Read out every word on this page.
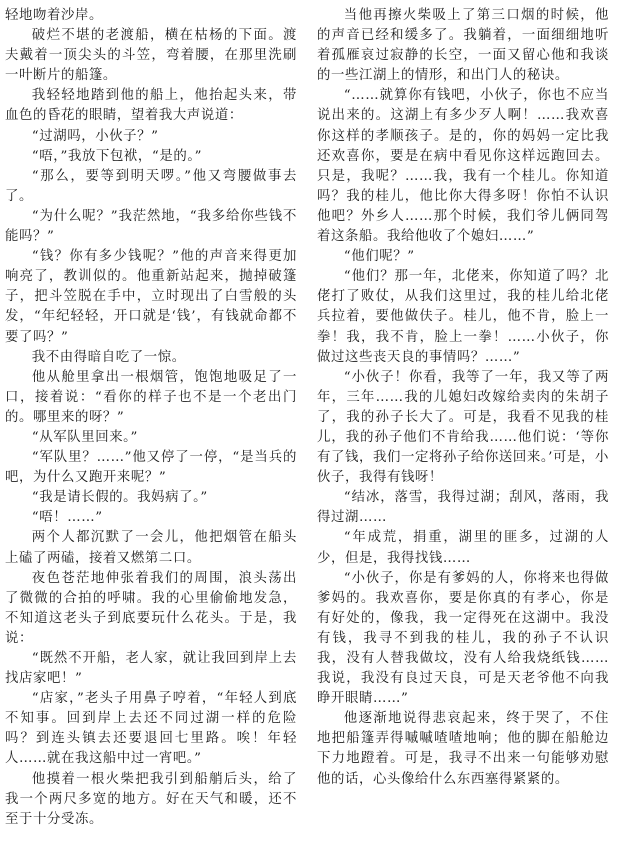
轻地吻着沙岸。

破烂不堪的老渡船，横在枯杨的下面。渡夫戴着一顶尖头的斗笠，弯着腰，在那里洗刷一叶断片的船篷。

我轻轻地踏到他的船上，他抬起头来，带血色的昏花的眼睛，望着我大声说道：

“过湖吗，小伙子？”

“唔，”我放下包袱，“是的。”

“那么，要等到明天啰。”他又弯腰做事去了。

“为什么呢？”我茫然地，“我多给你些钱不能吗？”

“钱？你有多少钱呢？”他的声音来得更加响亮了，教训似的。他重新站起来，抛掉破篷子，把斗笠脱在手中，立时现出了白雪般的头发，“年纪轻轻，开口就是‘钱’，有钱就命都不要了吗？”

我不由得暗自吃了一惊。

他从舱里拿出一根烟管，饱饱地吸足了一口，接着说：“看你的样子也不是一个老出门的。哪里来的呀？”

“从军队里回来。”

“军队里？……”他又停了一停，“是当兵的吧，为什么又跑开来呢？”

“我是请长假的。我妈病了。”

“唔！……”

两个人都沉默了一会儿，他把烟管在船头上磕了两磕，接着又燃第二口。

夜色苍茫地伸张着我们的周围，浪头荡出了微微的合拍的呼啸。我的心里偷偷地发急，不知道这老头子到底要玩什么花头。于是，我说：

“既然不开船，老人家，就让我回到岸上去找店家吧！”

“店家，”老头子用鼻子哼着，“年轻人到底不知事。回到岸上去还不同过湖一样的危险吗？到连头镇去还要退回七里路。唉！年轻人……就在我这船中过一宵吧。”

他摸着一根火柴把我引到船艄后头，给了我一个两尺多宽的地方。好在天气和暖，还不至于十分受冻。

当他再擦火柴吸上了第三口烟的时候，他的声音已经和缓多了。我躺着，一面细细地听着孤雁哀过寂静的长空，一面又留心他和我谈的一些江湖上的情形，和出门人的秘诀。

“……就算你有钱吧，小伙子，你也不应当说出来的。这湖上有多少歹人啊！……我欢喜你这样的孝顺孩子。是的，你的妈妈一定比我还欢喜你，要是在病中看见你这样远跑回去。只是，我呢？……我，我有一个桂儿。你知道吗？我的桂儿，他比你大得多呀！你怕不认识他吧？外乡人……那个时候，我们爷儿俩同驾着这条船。我给他收了个媳妇……”

“他们呢？”

“他们？那一年，北佬来，你知道了吗？北佬打了败仗，从我们这里过，我的桂儿给北佬兵拉着，要他做伕子。桂儿，他不肯，脸上一拳！我，我不肯，脸上一拳！……小伙子，你做过这些丧天良的事情吗？……”

“小伙子！你看，我等了一年，我又等了两年，三年……我的儿媳妇改嫁给卖肉的朱胡子了，我的孙子长大了。可是，我看不见我的桂儿，我的孙子他们不肯给我……他们说：‘等你有了钱，我们一定将孙子给你送回来。’可是，小伙子，我得有钱呀！

“结冰，落雪，我得过湖；刮风，落雨，我得过湖……

“年成荒，捐重，湖里的匪多，过湖的人少，但是，我得找钱……

“小伙子，你是有爹妈的人，你将来也得做爹妈的。我欢喜你，要是你真的有孝心，你是有好处的，像我，我一定得死在这湖中。我没有钱，我寻不到我的桂儿，我的孙子不认识我，没有人替我做坟，没有人给我烧纸钱……我说，我没有良过天良，可是天老爷他不向我睁开眼睛……”

他逐渐地说得悲哀起来，终于哭了，不住地把船篷弄得嘁嘁喳喳地响；他的脚在船舱边下力地蹬着。可是，我寻不出来一句能够劝慰他的话，心头像给什么东西塞得紧紧的。
